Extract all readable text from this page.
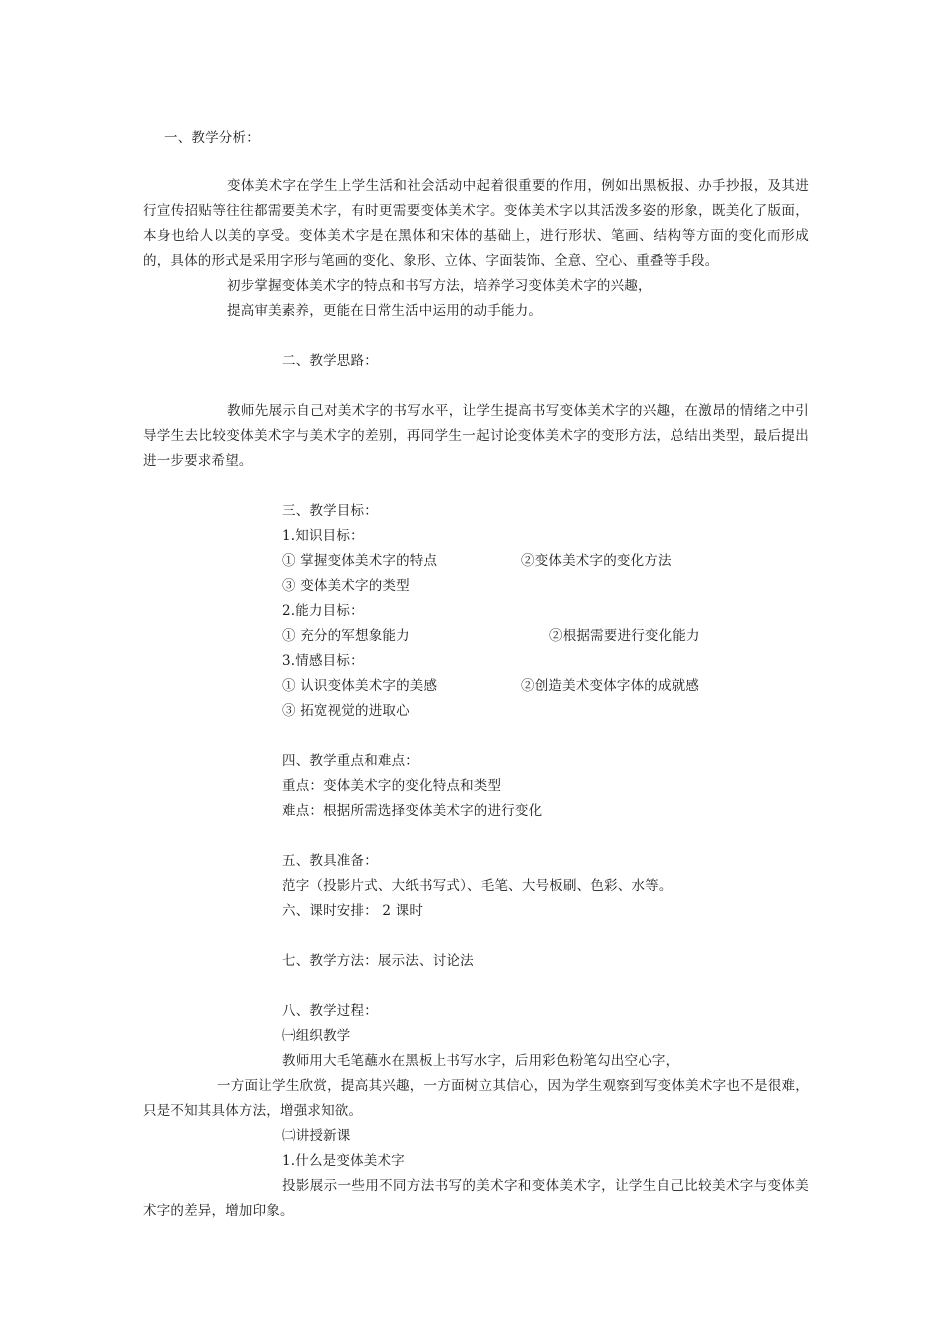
一、教学分析：
变体美术字在学生上学生活和社会活动中起着很重要的作用，例如出黑板报、办手抄报，及其进行宣传招贴等往往都需要美术字，有时更需要变体美术字。变体美术字以其活泼多姿的形象，既美化了版面，本身也给人以美的享受。变体美术字是在黑体和宋体的基础上，进行形状、笔画、结构等方面的变化而形成的，具体的形式是采用字形与笔画的变化、象形、立体、字面装饰、全意、空心、重叠等手段。
初步掌握变体美术字的特点和书写方法，培养学习变体美术字的兴趣，
提高审美素养，更能在日常生活中运用的动手能力。
二、教学思路：
教师先展示自己对美术字的书写水平，让学生提高书写变体美术字的兴趣，在激昂的情绪之中引导学生去比较变体美术字与美术字的差别，再同学生一起讨论变体美术字的变形方法，总结出类型，最后提出进一步要求希望。
三、教学目标：
1.知识目标：
① 掌握变体美术字的特点	②变体美术字的变化方法
③ 变体美术字的类型
2.能力目标：
① 充分的军想象能力	②根据需要进行变化能力
3.情感目标：
① 认识变体美术字的美感	②创造美术变体字体的成就感
③ 拓宽视觉的进取心
四、教学重点和难点：
重点：变体美术字的变化特点和类型
难点：根据所需选择变体美术字的进行变化
五、教具准备：
范字（投影片式、大纸书写式）、毛笔、大号板刷、色彩、水等。
六、课时安排： 2 课时
七、教学方法：展示法、讨论法
八、教学过程：
㈠组织教学
教师用大毛笔蘸水在黑板上书写水字，后用彩色粉笔勾出空心字，
一方面让学生欣赏，提高其兴趣，一方面树立其信心，因为学生观察到写变体美术字也不是很难，只是不知其具体方法，增强求知欲。
㈡讲授新课
1.什么是变体美术字
投影展示一些用不同方法书写的美术字和变体美术字，让学生自己比较美术字与变体美术字的差异，增加印象。
